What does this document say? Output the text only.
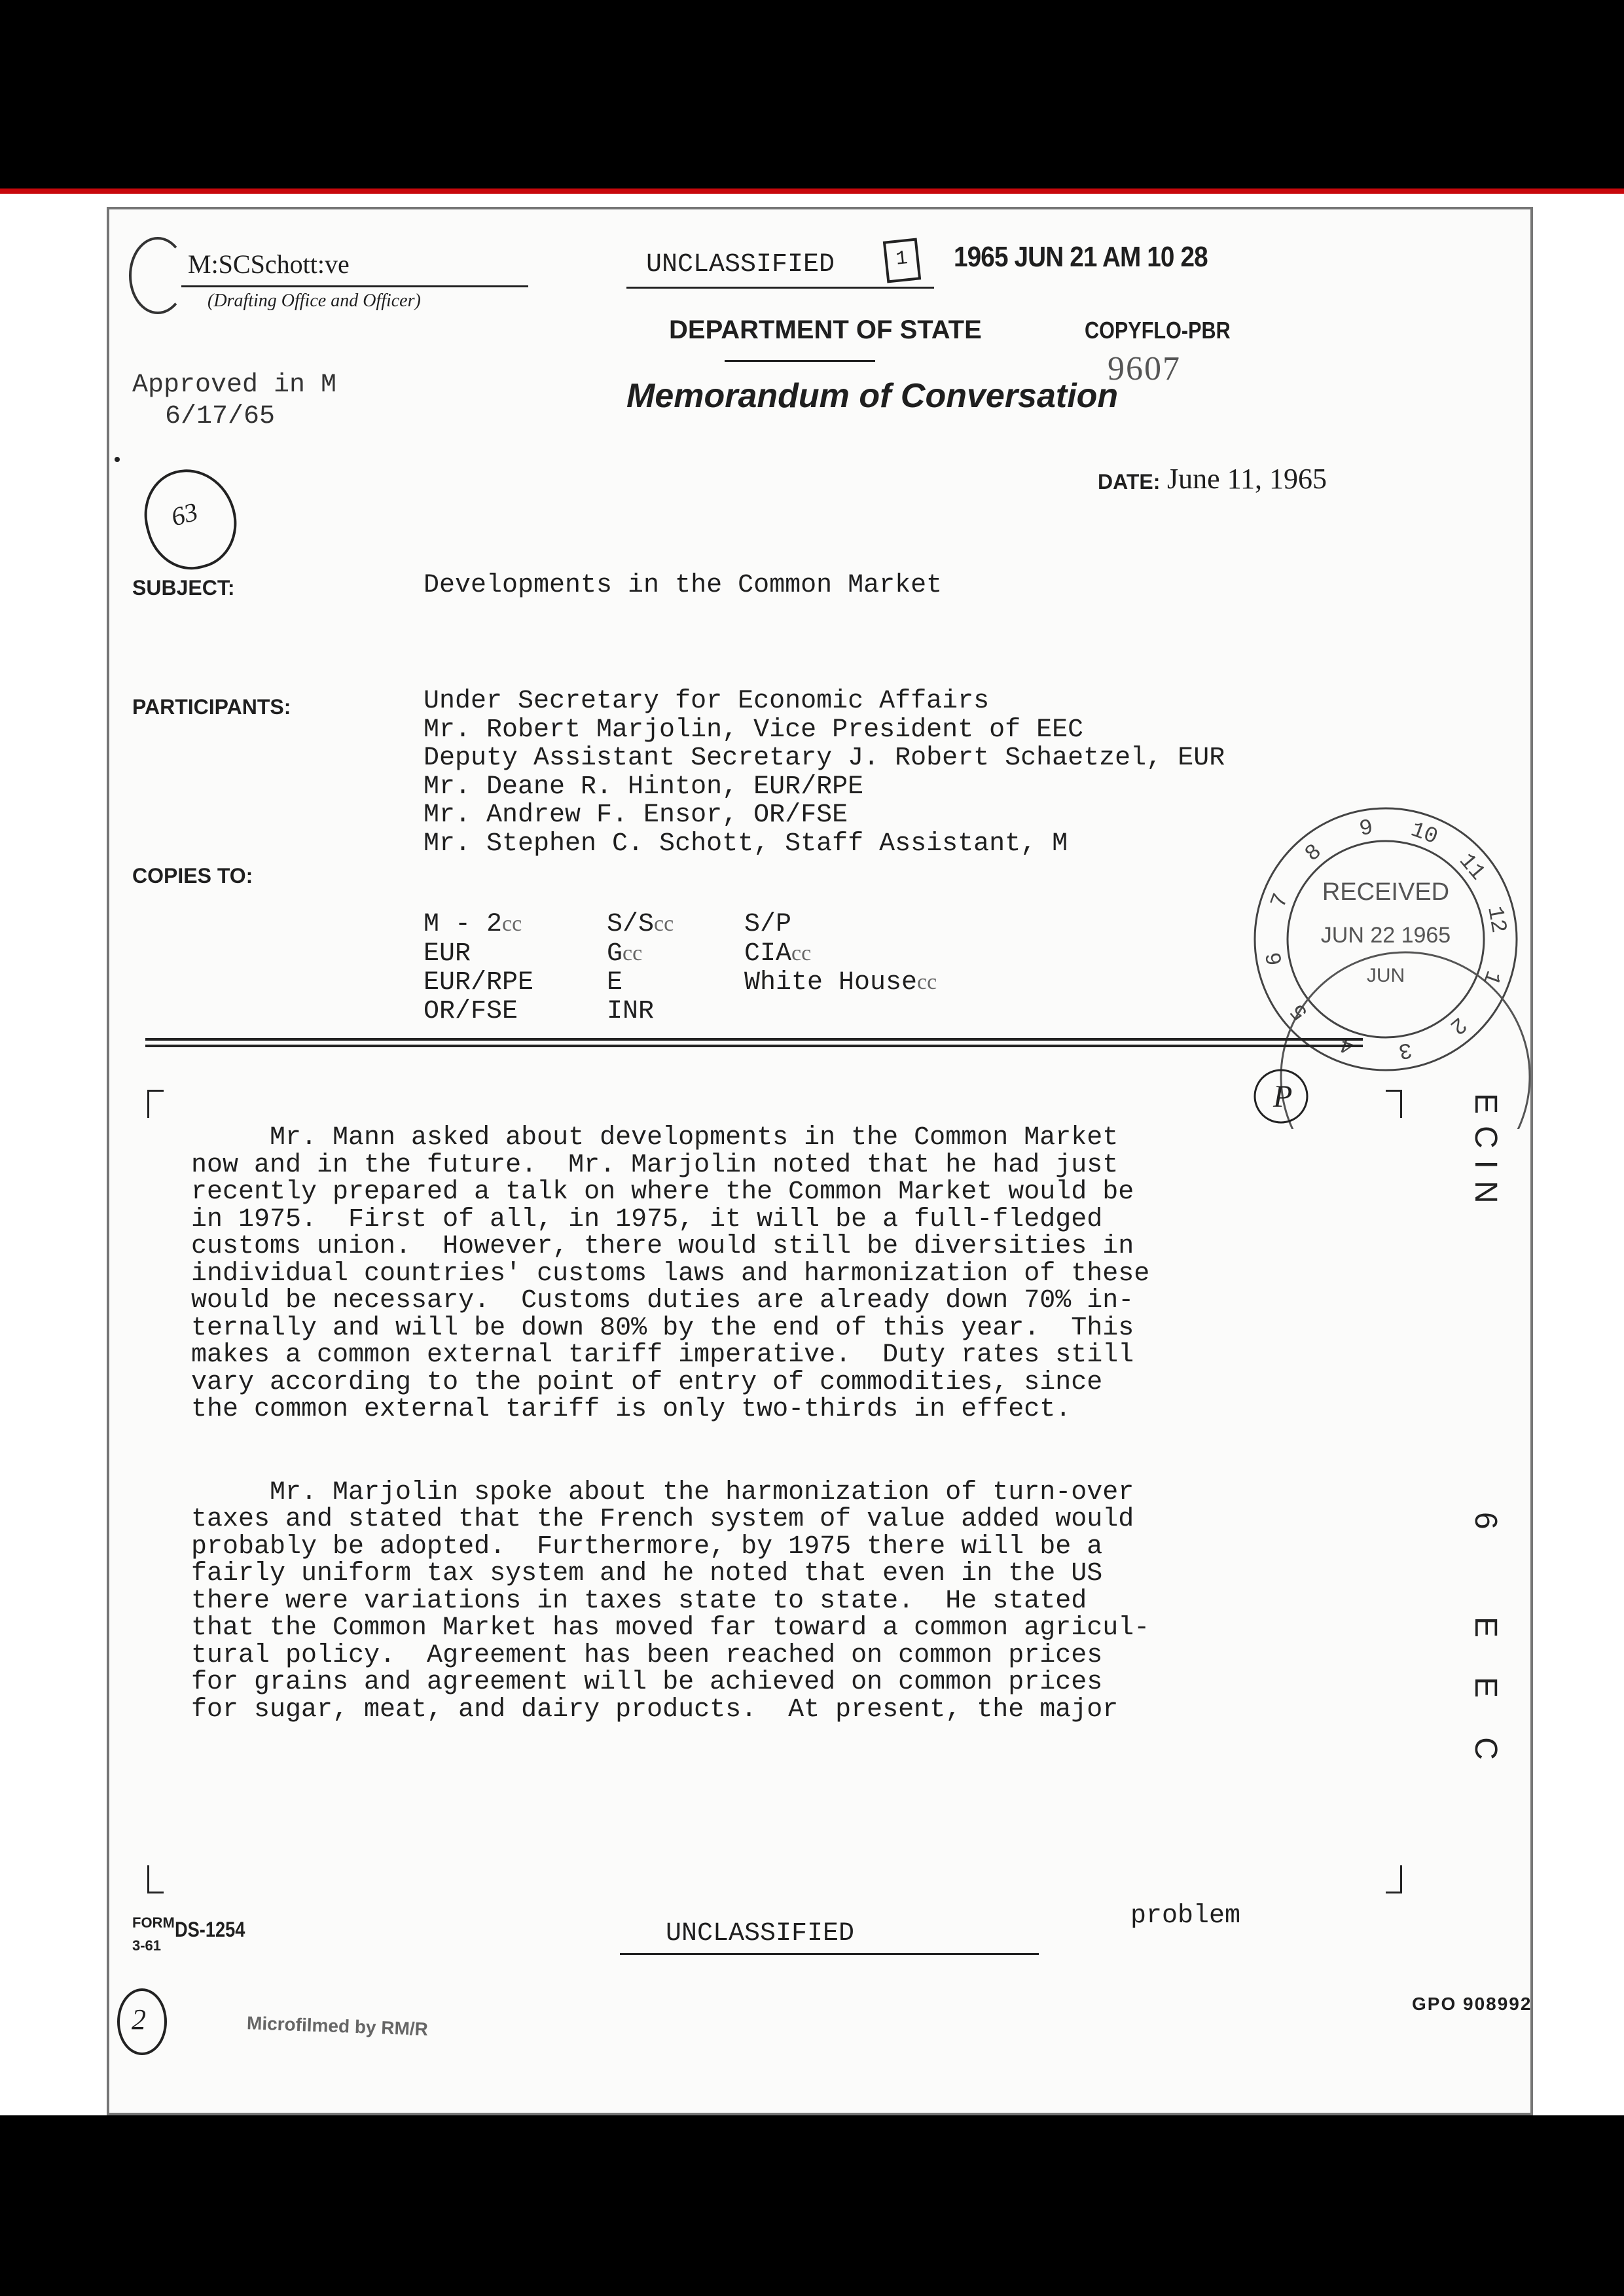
M:SCSchott:ve
(Drafting Office and Officer)
UNCLASSIFIED	1	1965 JUN 21 AM 10 28
DEPARTMENT OF STATE	COPYFLO-PBR
9607
Approved in M
6/17/65
Memorandum of Conversation
63
DATE: June 11, 1965
SUBJECT:	Developments in the Common Market
PARTICIPANTS:	Under Secretary for Economic Affairs
Mr. Robert Marjolin, Vice President of EEC
Deputy Assistant Secretary J. Robert Schaetzel, EUR
Mr. Deane R. Hinton, EUR/RPE
Mr. Andrew F. Ensor, OR/FSE
Mr. Stephen C. Schott, Staff Assistant, M
COPIES TO:
M - 2cc	S/Scc	S/P
EUR	Gcc	CIAcc
EUR/RPE	E	White Housecc
OR/FSE	INR
9 10
11
12
1
2
3
4
5
6
7
8
RECEIVED
JUN 22 1965
JUN
P

Mr. Mann asked about developments in the Common Market

now and in the future.  Mr. Marjolin noted that he had just

recently prepared a talk on where the Common Market would be

in 1975.  First of all, in 1975, it will be a full-fledged

customs union.  However, there would still be diversities in

individual countries' customs laws and harmonization of these

would be necessary.  Customs duties are already down 70% in-

ternally and will be down 80% by the end of this year.  This

makes a common external tariff imperative.  Duty rates still

vary according to the point of entry of commodities, since

the common external tariff is only two-thirds in effect.

Mr. Marjolin spoke about the harmonization of turn-over

taxes and stated that the French system of value added would

probably be adopted.  Furthermore, by 1975 there will be a

fairly uniform tax system and he noted that even in the US

there were variations in taxes state to state.  He stated

that the Common Market has moved far toward a common agricul-

tural policy.  Agreement has been reached on common prices

for grains and agreement will be achieved on common prices

for sugar, meat, and dairy products.  At present, the major

problem
FORM DS-1254
3-61	UNCLASSIFIED
GPO 908992
2	Microfilmed by RM/R
ECIN
6 EEC
